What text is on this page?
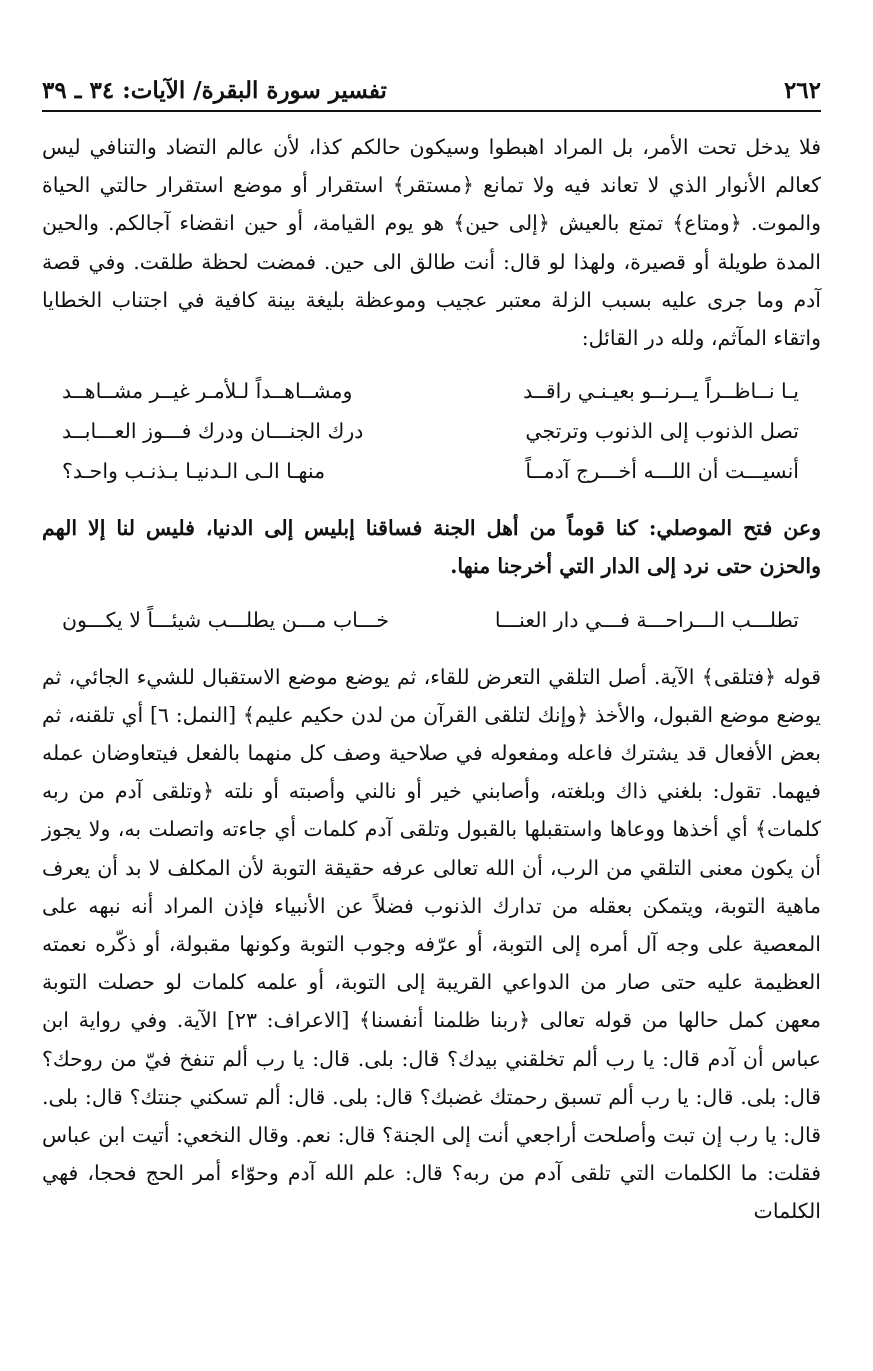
٢٦٢
تفسير سورة البقرة/ الآيات: ٣٤ ـ ٣٩

فلا يدخل تحت الأمر، بل المراد اهبطوا وسيكون حالكم كذا، لأن عالم التضاد والتنافي ليس كعالم الأنوار الذي لا تعاند فيه ولا تمانع ﴿مستقر﴾ استقرار أو موضع استقرار حالتي الحياة والموت. ﴿ومتاع﴾ تمتع بالعيش ﴿إلى حين﴾ هو يوم القيامة، أو حين انقضاء آجالكم. والحين المدة طويلة أو قصيرة، ولهذا لو قال: أنت طالق الى حين. فمضت لحظة طلقت. وفي قصة آدم وما جرى عليه بسبب الزلة معتبر عجيب وموعظة بليغة بينة كافية في اجتناب الخطايا واتقاء المآثم، ولله در القائل:

يـا نــاظــراً يــرنــو بعيـنـي راقــد
ومشــاهــداً لـلأمـر غيــر مشــاهــد
تصل الذنوب إلى الذنوب وترتجي
درك الجنـــان ودرك فـــوز العـــابــد
أنسيـــت أن اللـــه أخـــرج آدمــاً
منهـا الـى الـدنيـا بـذنـب واحـد؟

وعن فتح الموصلي: كنا قوماً من أهل الجنة فساقنا إبليس إلى الدنيا، فليس لنا إلا الهم والحزن حتى نرد إلى الدار التي أخرجنا منها.

تطلـــب الـــراحـــة فـــي دار العنـــا
خـــاب مـــن يطلـــب شيئـــاً لا يكـــون

قوله ﴿فتلقى﴾ الآية. أصل التلقي التعرض للقاء، ثم يوضع موضع الاستقبال للشيء الجائي، ثم يوضع موضع القبول، والأخذ ﴿وإنك لتلقى القرآن من لدن حكيم عليم﴾ [النمل: ٦] أي تلقنه، ثم بعض الأفعال قد يشترك فاعله ومفعوله في صلاحية وصف كل منهما بالفعل فيتعاوضان عمله فيهما. تقول: بلغني ذاك وبلغته، وأصابني خير أو نالني وأصبته أو نلته ﴿وتلقى آدم من ربه كلمات﴾ أي أخذها ووعاها واستقبلها بالقبول وتلقى آدم كلمات أي جاءته واتصلت به، ولا يجوز أن يكون معنى التلقي من الرب، أن الله تعالى عرفه حقيقة التوبة لأن المكلف لا بد أن يعرف ماهية التوبة، ويتمكن بعقله من تدارك الذنوب فضلاً عن الأنبياء فإذن المراد أنه نبهه على المعصية على وجه آل أمره إلى التوبة، أو عرّفه وجوب التوبة وكونها مقبولة، أو ذكّره نعمته العظيمة عليه حتى صار من الدواعي القريبة إلى التوبة، أو علمه كلمات لو حصلت التوبة معهن كمل حالها من قوله تعالى ﴿ربنا ظلمنا أنفسنا﴾ [الاعراف: ٢٣] الآية. وفي رواية ابن عباس أن آدم قال: يا رب ألم تخلقني بيدك؟ قال: بلى. قال: يا رب ألم تنفخ فيّ من روحك؟ قال: بلى. قال: يا رب ألم تسبق رحمتك غضبك؟ قال: بلى. قال: ألم تسكني جنتك؟ قال: بلى. قال: يا رب إن تبت وأصلحت أراجعي أنت إلى الجنة؟ قال: نعم. وقال النخعي: أتيت ابن عباس فقلت: ما الكلمات التي تلقى آدم من ربه؟ قال: علم الله آدم وحوّاء أمر الحج فحجا، فهي الكلمات
